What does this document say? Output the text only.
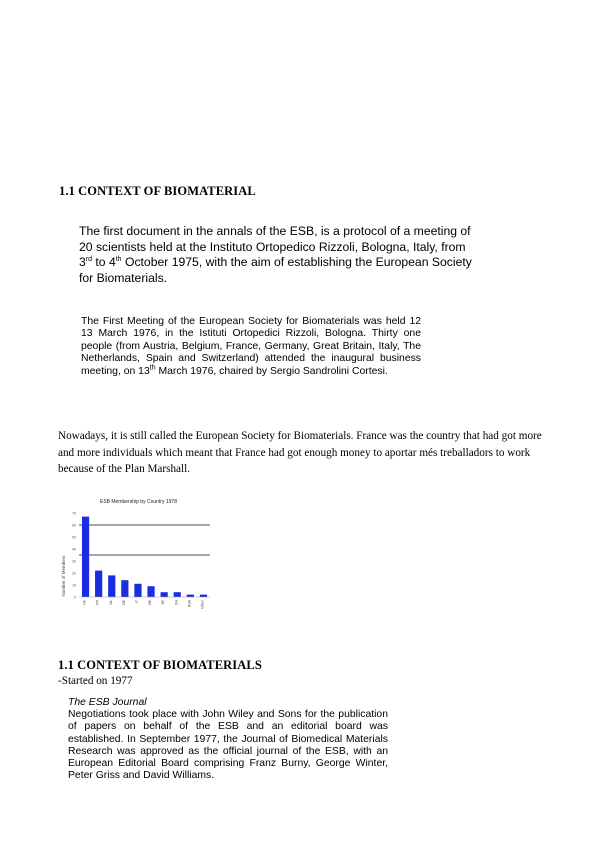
1.1 CONTEXT OF BIOMATERIAL
The first document in the annals of the ESB, is a protocol of a meeting of
20 scientists held at the Instituto Ortopedico Rizzoli, Bologna, Italy, from
3rd to 4th October 1975, with the aim of establishing the European Society
for Biomaterials.
The First Meeting of the European Society for Biomaterials was held 12 13 March 1976, in the Istituti Ortopedici Rizzoli, Bologna. Thirty one people (from Austria, Belgium, France, Germany, Great Britain, Italy, The Netherlands, Spain and Switzerland) attended the inaugural business meeting, on 13th March 1976, chaired by Sergio Sandrolini Cortesi.
Nowadays, it is still called the European Society for Biomaterials. France was the country that had got more and more individuals which meant that France had got enough money to aportar més treballadors to work because of the Plan Marshall.
ESB Membership by Country 1978
Number of Members
0
10
20
30
40
50
60
70
UK	FR	NL	DE	IT	BE	SE	CH	USA	Other
1.1 CONTEXT OF BIOMATERIALS
-Started on 1977
The ESB Journal
Negotiations took place with John Wiley and Sons for the publication of papers on behalf of the ESB and an editorial board was established. In September 1977, the Journal of Biomedical Materials Research was approved as the official journal of the ESB, with an European Editorial Board comprising Franz Burny, George Winter, Peter Griss and David Williams.
